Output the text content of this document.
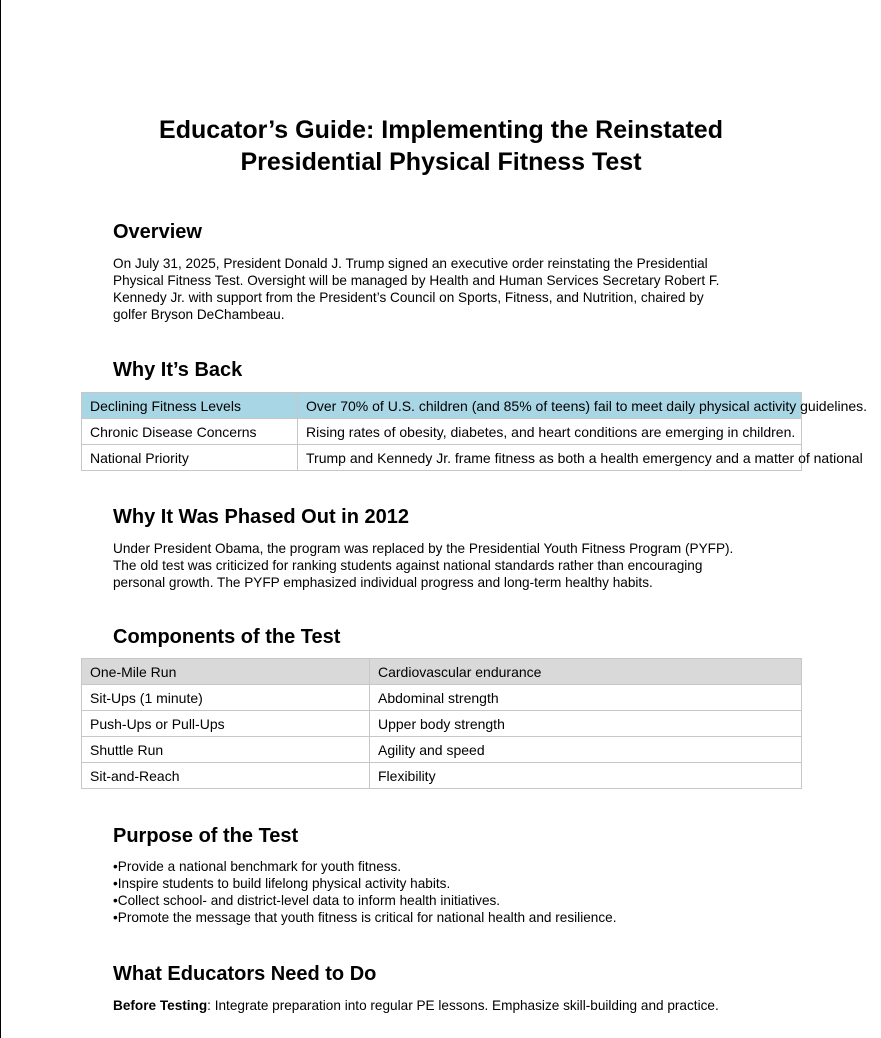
Educator’s Guide: Implementing the Reinstated
Presidential Physical Fitness Test
Overview

On July 31, 2025, President Donald J. Trump signed an executive order reinstating the Presidential
Physical Fitness Test. Oversight will be managed by Health and Human Services Secretary Robert F.
Kennedy Jr. with support from the President’s Council on Sports, Fitness, and Nutrition, chaired by
golfer Bryson DeChambeau.

Why It’s Back
Declining Fitness Levels	Over 70% of U.S. children (and 85% of teens) fail to meet daily physical activity guidelines.
Chronic Disease Concerns	Rising rates of obesity, diabetes, and heart conditions are emerging in children.
National Priority	Trump and Kennedy Jr. frame fitness as both a health emergency and a matter of national
Why It Was Phased Out in 2012

Under President Obama, the program was replaced by the Presidential Youth Fitness Program (PYFP).
The old test was criticized for ranking students against national standards rather than encouraging
personal growth. The PYFP emphasized individual progress and long-term healthy habits.

Components of the Test
One-Mile Run	Cardiovascular endurance
Sit-Ups (1 minute)	Abdominal strength
Push-Ups or Pull-Ups	Upper body strength
Shuttle Run	Agility and speed
Sit-and-Reach	Flexibility
Purpose of the Test
• Provide a national benchmark for youth fitness.
• Inspire students to build lifelong physical activity habits.
• Collect school- and district-level data to inform health initiatives.
• Promote the message that youth fitness is critical for national health and resilience.
What Educators Need to Do

Before Testing: Integrate preparation into regular PE lessons. Emphasize skill-building and practice.
